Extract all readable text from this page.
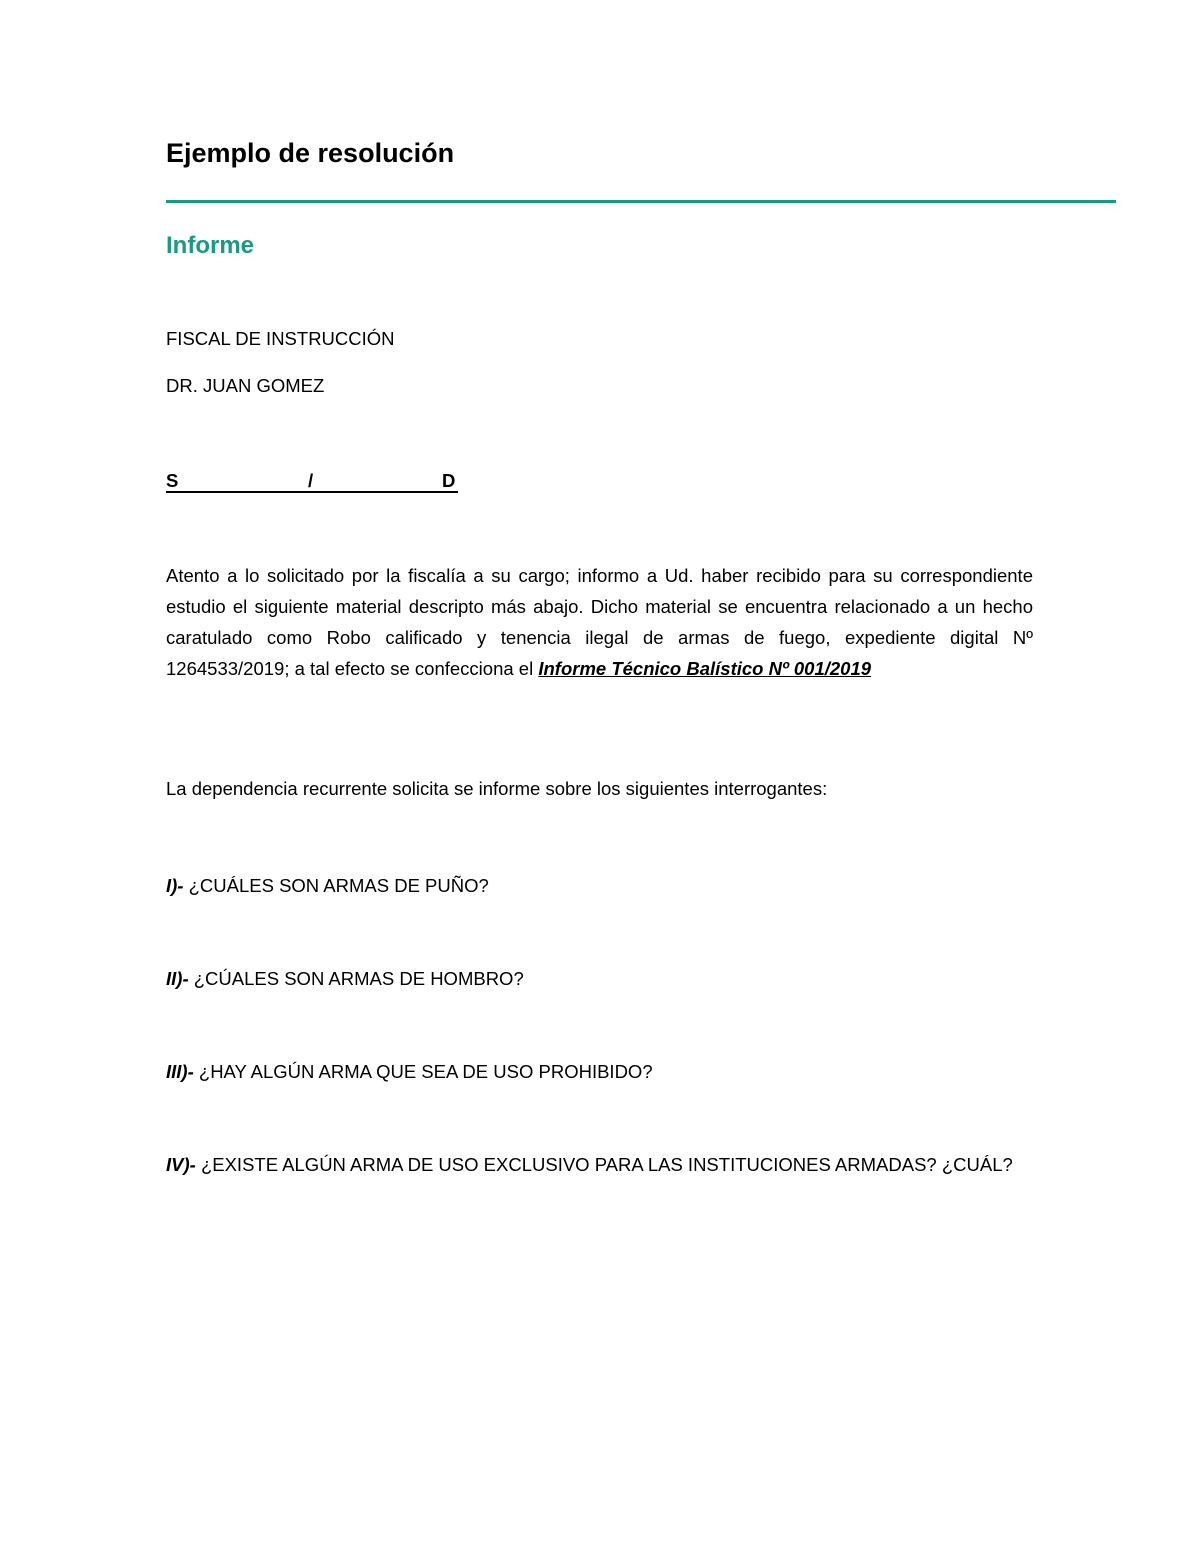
Ejemplo de resolución
Informe
FISCAL DE INSTRUCCIÓN
DR. JUAN GOMEZ
S	/	D
Atento a lo solicitado por la fiscalía a su cargo; informo a Ud. haber recibido para su correspondiente estudio el siguiente material descripto más abajo. Dicho material se encuentra relacionado a un hecho caratulado como Robo calificado y tenencia ilegal de armas de fuego, expediente digital Nº 1264533/2019; a tal efecto se confecciona el Informe Técnico Balístico Nº 001/2019
La dependencia recurrente solicita se informe sobre los siguientes interrogantes:
I)- ¿CUÁLES SON ARMAS DE PUÑO?
II)- ¿CÚALES SON ARMAS DE HOMBRO?
III)- ¿HAY ALGÚN ARMA QUE SEA DE USO PROHIBIDO?
IV)- ¿EXISTE ALGÚN ARMA DE USO EXCLUSIVO PARA LAS INSTITUCIONES ARMADAS? ¿CUÁL?
